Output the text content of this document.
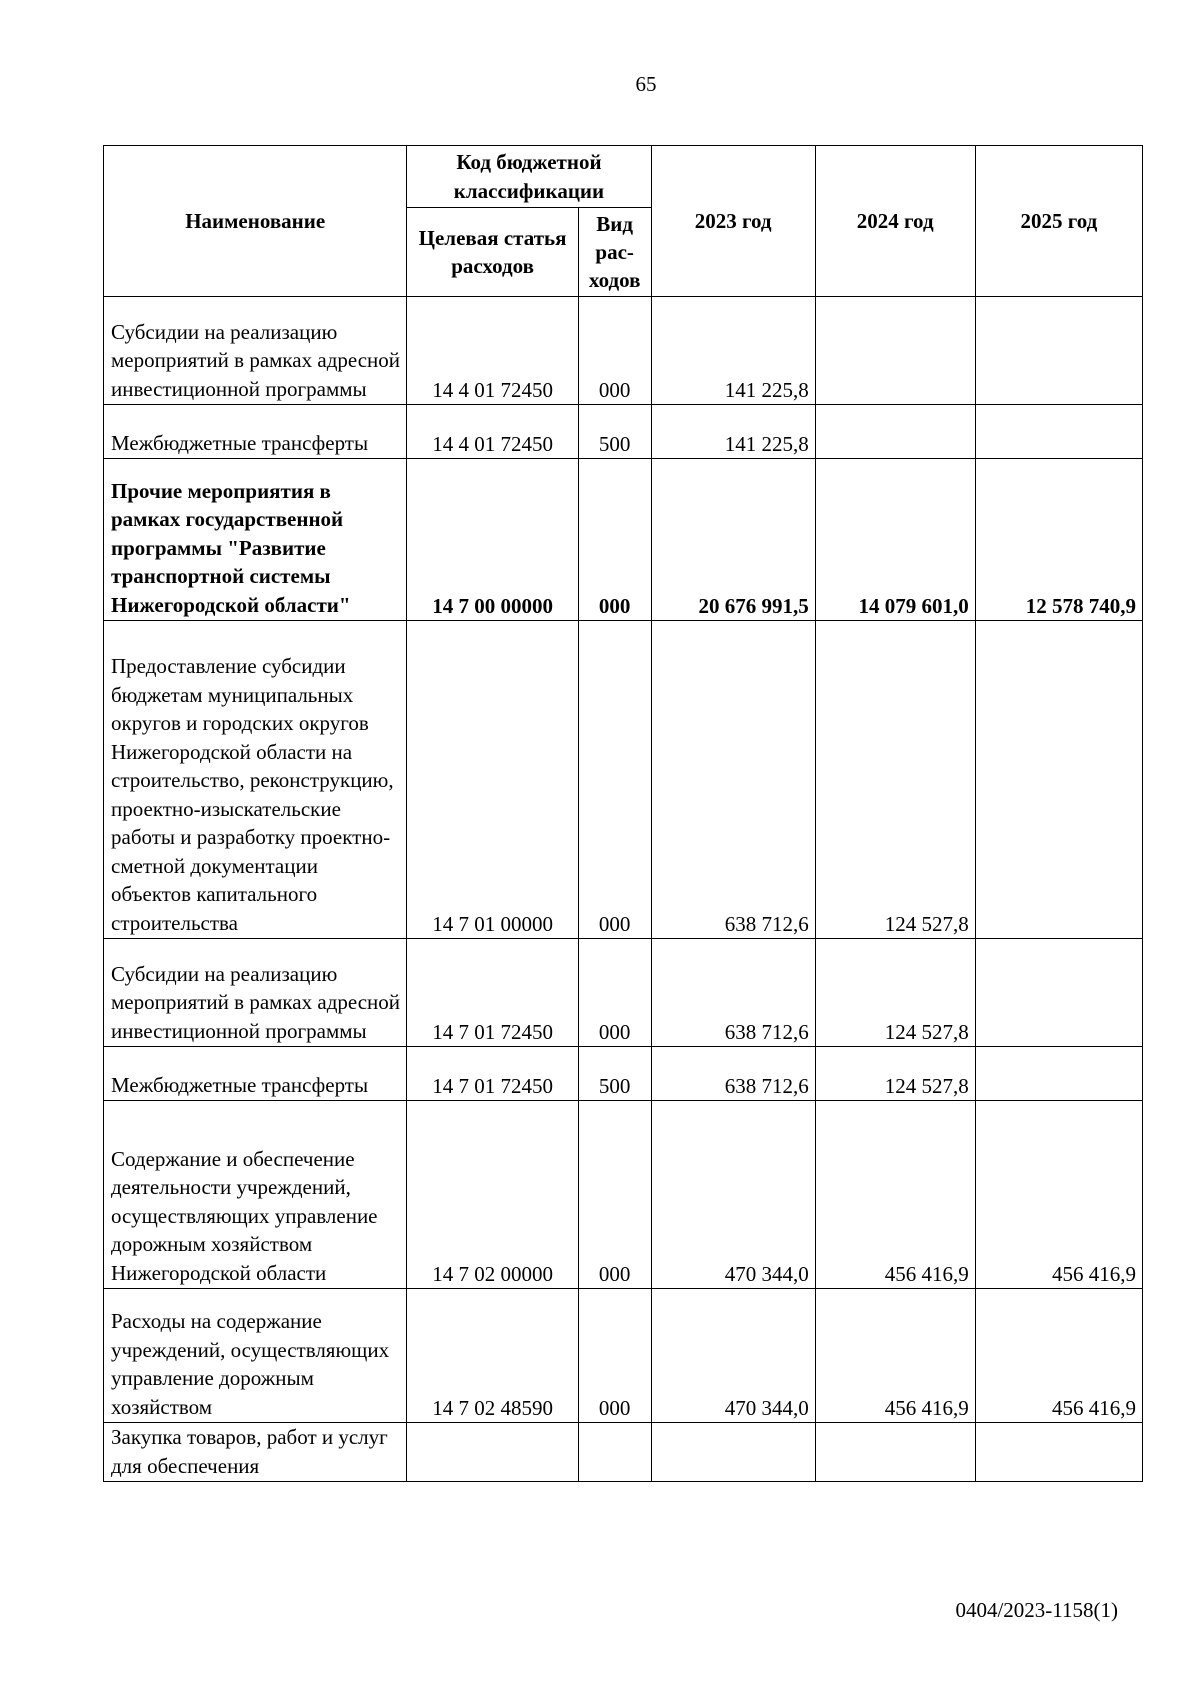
65
Наименование	Код бюджетной классификации		2023 год	2024 год	2025 год
	Целевая статья расходов	Вид рас-ходов			
Субсидии на реализацию мероприятий в рамках адресной инвестиционной программы	14 4 01 72450	000	141 225,8		
Межбюджетные трансферты	14 4 01 72450	500	141 225,8		
Прочие мероприятия в рамках государственной программы "Развитие транспортной системы Нижегородской области"	14 7 00 00000	000	20 676 991,5	14 079 601,0	12 578 740,9
Предоставление субсидии бюджетам муниципальных округов и городских округов Нижегородской области на строительство, реконструкцию, проектно-изыскательские работы и разработку проектно-сметной документации объектов капитального строительства	14 7 01 00000	000	638 712,6	124 527,8	
Субсидии на реализацию мероприятий в рамках адресной инвестиционной программы	14 7 01 72450	000	638 712,6	124 527,8	
Межбюджетные трансферты	14 7 01 72450	500	638 712,6	124 527,8	
Содержание и обеспечение деятельности учреждений, осуществляющих управление дорожным хозяйством Нижегородской области	14 7 02 00000	000	470 344,0	456 416,9	456 416,9
Расходы на содержание учреждений, осуществляющих управление дорожным хозяйством	14 7 02 48590	000	470 344,0	456 416,9	456 416,9
Закупка товаров, работ и услуг для обеспечения					
0404/2023-1158(1)
